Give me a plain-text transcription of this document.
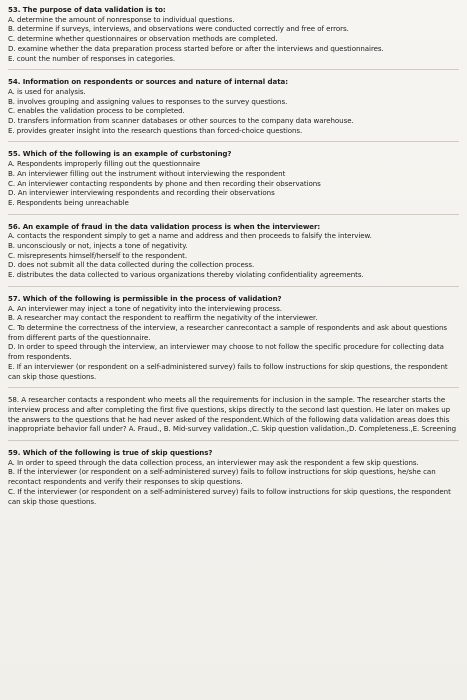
53. The purpose of data validation is to:

A. determine the amount of nonresponse to individual questions.

B. determine if surveys, interviews, and observations were conducted correctly and free of errors.

C. determine whether questionnaires or observation methods are completed.

D. examine whether the data preparation process started before or after the interviews and questionnaires.

E. count the number of responses in categories.

54. Information on respondents or sources and nature of internal data:

A. is used for analysis.

B. involves grouping and assigning values to responses to the survey questions.

C. enables the validation process to be completed.

D. transfers information from scanner databases or other sources to the company data warehouse.

E. provides greater insight into the research questions than forced-choice questions.

55. Which of the following is an example of curbstoning?

A. Respondents improperly filling out the questionnaire

B. An interviewer filling out the instrument without interviewing the respondent

C. An interviewer contacting respondents by phone and then recording their observations

D. An interviewer interviewing respondents and recording their observations

E. Respondents being unreachable

56. An example of fraud in the data validation process is when the interviewer:

A. contacts the respondent simply to get a name and address and then proceeds to falsify the interview.

B. unconsciously or not, injects a tone of negativity.

C. misrepresents himself/herself to the respondent.

D. does not submit all the data collected during the collection process.

E. distributes the data collected to various organizations thereby violating confidentiality agreements.

57. Which of the following is permissible in the process of validation?

A. An interviewer may inject a tone of negativity into the interviewing process.

B. A researcher may contact the respondent to reaffirm the negativity of the interviewer.

C. To determine the correctness of the interview, a researcher canrecontact a sample of respondents and ask about questions from different parts of the questionnaire.

D. In order to speed through the interview, an interviewer may choose to not follow the specific procedure for collecting data from respondents.

E. If an interviewer (or respondent on a self-administered survey) fails to follow instructions for skip questions, the respondent can skip those questions.

58. A researcher contacts a respondent who meets all the requirements for inclusion in the sample. The researcher starts the interview process and after completing the first five questions, skips directly to the second last question. He later on makes up the answers to the questions that he had never asked of the respondent.Which of the following data validation areas does this inappropriate behavior fall under? A. Fraud., B. Mid-survey validation.,C. Skip question validation.,D. Completeness.,E. Screening

59. Which of the following is true of skip questions?

A. In order to speed through the data collection process, an interviewer may ask the respondent a few skip questions.

B. If the interviewer (or respondent on a self-administered survey) fails to follow instructions for skip questions, he/she can recontact respondents and verify their responses to skip questions.

C. If the interviewer (or respondent on a self-administered survey) fails to follow instructions for skip questions, the respondent can skip those questions.
